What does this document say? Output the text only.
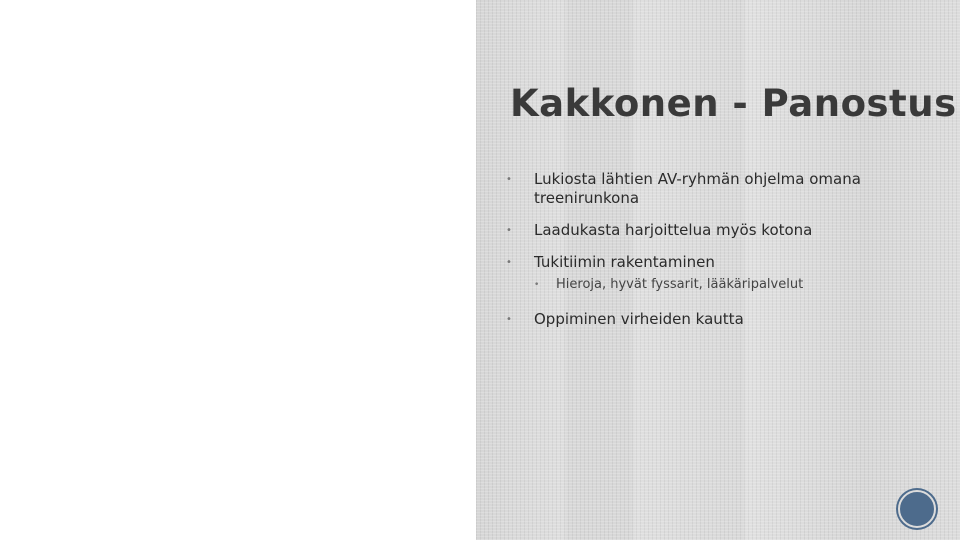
Kakkonen - Panostus
• Lukiosta lähtien AV-ryhmän ohjelma omana treenirunkona
• Laadukasta harjoittelua myös kotona
• Tukitiimin rakentaminen
• Hieroja, hyvät fyssarit, lääkäripalvelut
• Oppiminen virheiden kautta
